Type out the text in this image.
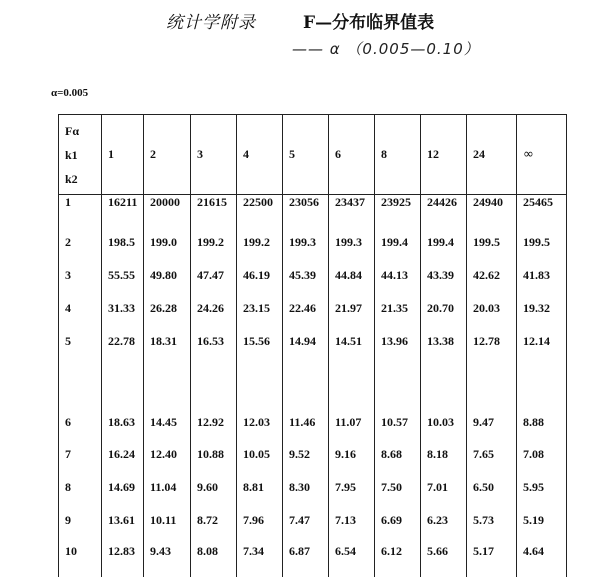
统计学附录	F—分布临界值表
—— α （0.005—0.10）
α=0.005
Fα
k1
k2	1	2	3	4	5	6	8	12	24	∞
1	16211	20000	21615	22500	23056	23437	23925	24426	24940	25465
2	198.5	199.0	199.2	199.2	199.3	199.3	199.4	199.4	199.5	199.5
3	55.55	49.80	47.47	46.19	45.39	44.84	44.13	43.39	42.62	41.83
4	31.33	26.28	24.26	23.15	22.46	21.97	21.35	20.70	20.03	19.32
5	22.78	18.31	16.53	15.56	14.94	14.51	13.96	13.38	12.78	12.14
6	18.63	14.45	12.92	12.03	11.46	11.07	10.57	10.03	9.47	8.88
7	16.24	12.40	10.88	10.05	9.52	9.16	8.68	8.18	7.65	7.08
8	14.69	11.04	9.60	8.81	8.30	7.95	7.50	7.01	6.50	5.95
9	13.61	10.11	8.72	7.96	7.47	7.13	6.69	6.23	5.73	5.19
10	12.83	9.43	8.08	7.34	6.87	6.54	6.12	5.66	5.17	4.64
